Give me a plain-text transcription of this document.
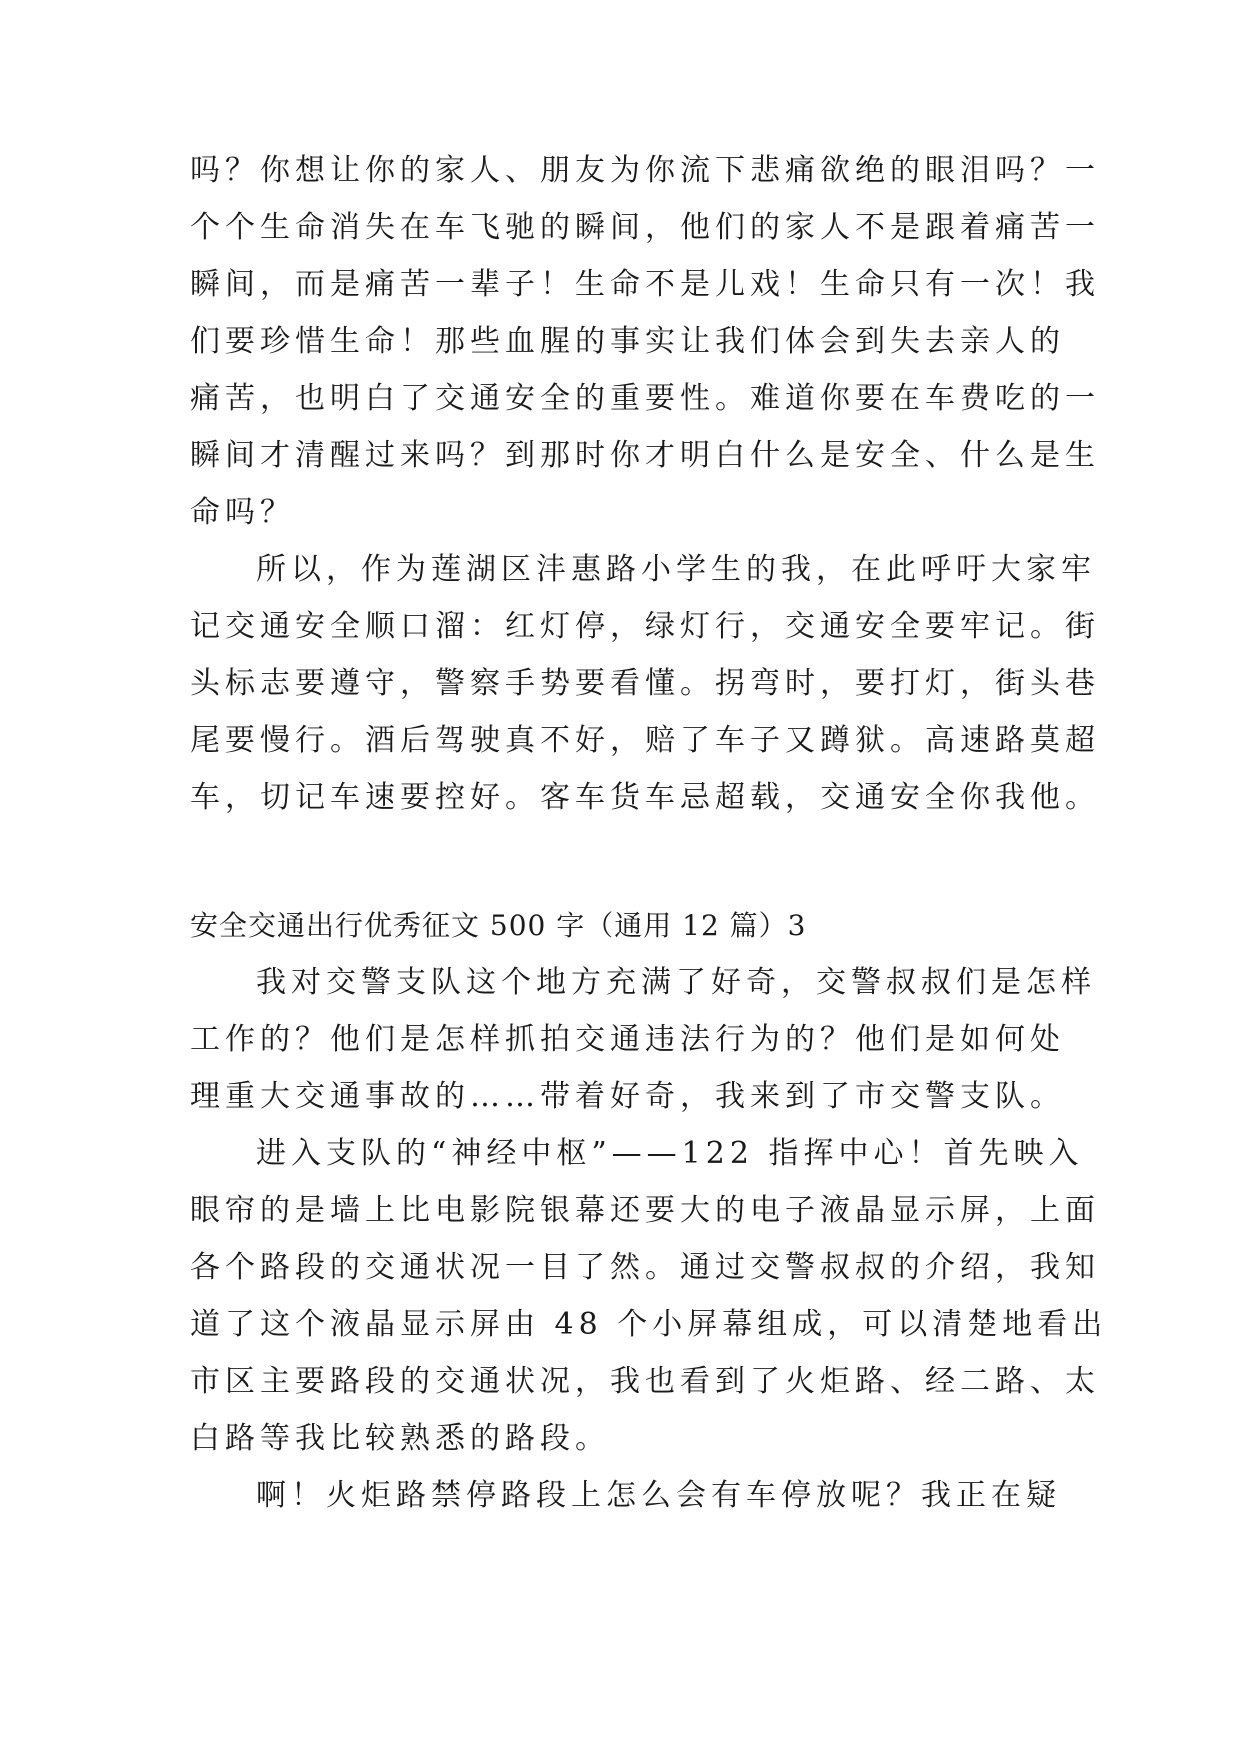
吗？你想让你的家人、朋友为你流下悲痛欲绝的眼泪吗？一
个个生命消失在车飞驰的瞬间，他们的家人不是跟着痛苦一
瞬间，而是痛苦一辈子！生命不是儿戏！生命只有一次！我
们要珍惜生命！那些血腥的事实让我们体会到失去亲人的
痛苦，也明白了交通安全的重要性。难道你要在车费吃的一
瞬间才清醒过来吗？到那时你才明白什么是安全、什么是生
命吗？
所以，作为莲湖区沣惠路小学生的我，在此呼吁大家牢
记交通安全顺口溜：红灯停，绿灯行，交通安全要牢记。街
头标志要遵守，警察手势要看懂。拐弯时，要打灯，街头巷
尾要慢行。酒后驾驶真不好，赔了车子又蹲狱。高速路莫超
车，切记车速要控好。客车货车忌超载，交通安全你我他。
安全交通出行优秀征文 500 字（通用 12 篇）3
我对交警支队这个地方充满了好奇，交警叔叔们是怎样
工作的？他们是怎样抓拍交通违法行为的？他们是如何处
理重大交通事故的……带着好奇，我来到了市交警支队。
进入支队的“神经中枢”——122 指挥中心！首先映入
眼帘的是墙上比电影院银幕还要大的电子液晶显示屏，上面
各个路段的交通状况一目了然。通过交警叔叔的介绍，我知
道了这个液晶显示屏由 48 个小屏幕组成，可以清楚地看出
市区主要路段的交通状况，我也看到了火炬路、经二路、太
白路等我比较熟悉的路段。
啊！火炬路禁停路段上怎么会有车停放呢？我正在疑
